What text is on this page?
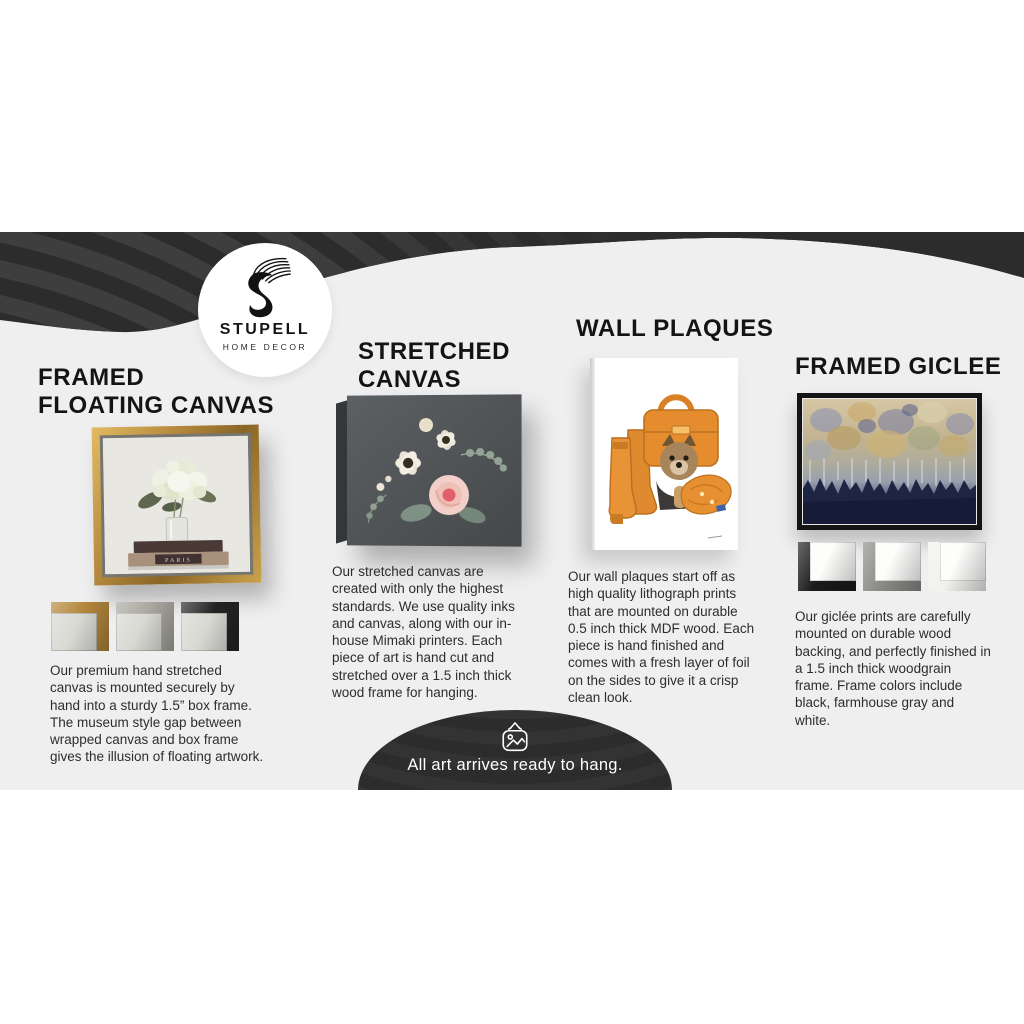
STUPELL
HOME DECOR
FRAMED
FLOATING CANVAS
STRETCHED
CANVAS
WALL PLAQUES
FRAMED GICLEE
PARIS
Our premium hand stretched canvas is mounted securely by hand into a sturdy 1.5” box frame. The museum style gap between wrapped canvas and box frame gives the illusion of floating artwork.
Our stretched canvas are created with only the highest standards. We use quality inks and canvas, along with our in-house Mimaki printers. Each piece of art is hand cut and stretched over a 1.5 inch thick wood frame for hanging.
Our wall plaques start off as high quality lithograph prints that are mounted on durable 0.5 inch thick MDF wood. Each piece is hand finished and comes with a fresh layer of foil on the sides to give it a crisp clean look.
Our giclée prints are carefully mounted on durable wood backing, and perfectly finished in a 1.5 inch thick woodgrain frame. Frame colors include black, farmhouse gray and white.
All art arrives ready to hang.
